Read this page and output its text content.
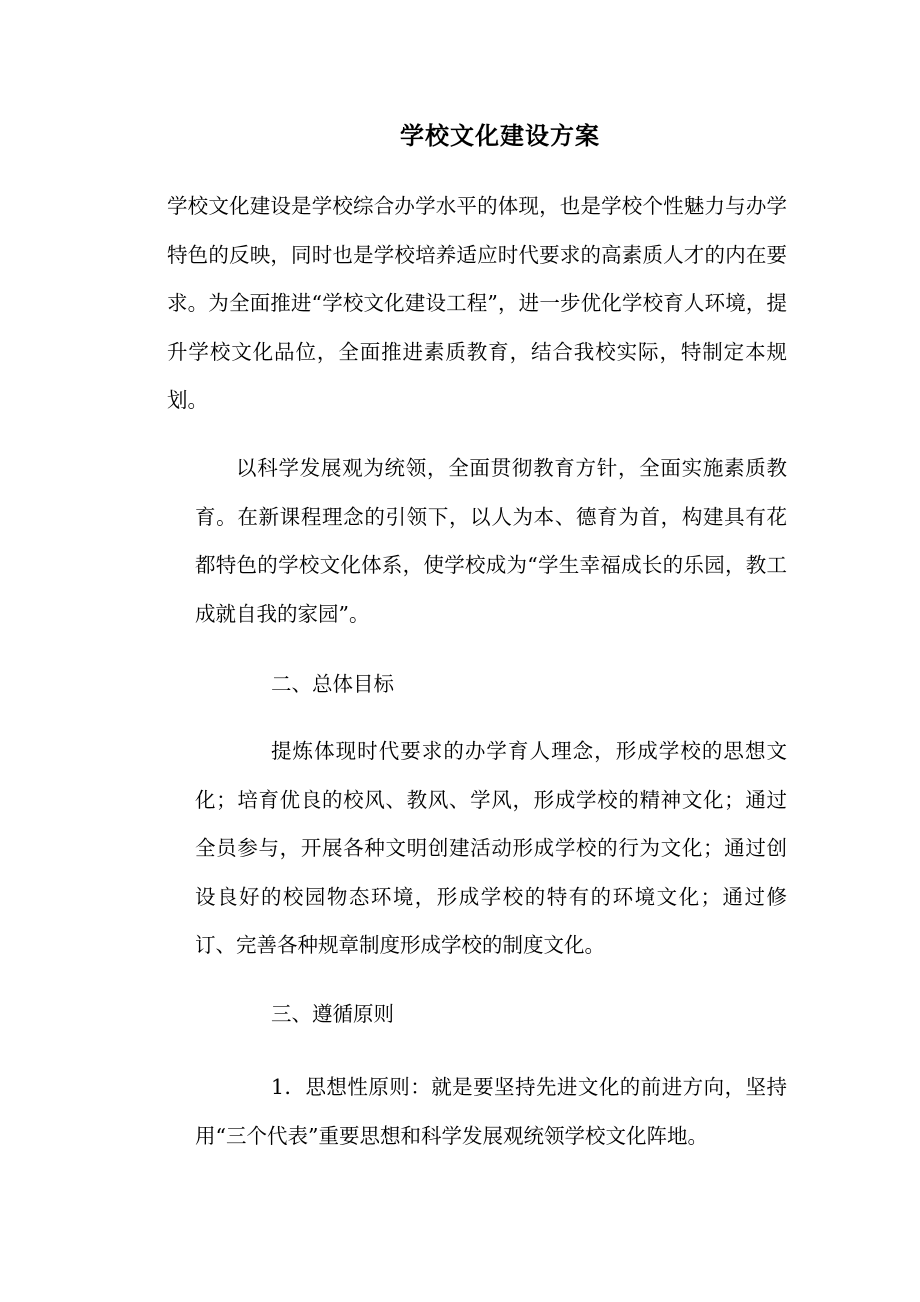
学校文化建设方案

学校文化建设是学校综合办学水平的体现，也是学校个性魅力与办学特色的反映，同时也是学校培养适应时代要求的高素质人才的内在要求。为全面推进“学校文化建设工程”，进一步优化学校育人环境，提升学校文化品位，全面推进素质教育，结合我校实际，特制定本规划。

以科学发展观为统领，全面贯彻教育方针，全面实施素质教育。在新课程理念的引领下，以人为本、德育为首，构建具有花都特色的学校文化体系，使学校成为“学生幸福成长的乐园，教工成就自我的家园”。

二、总体目标

提炼体现时代要求的办学育人理念，形成学校的思想文化；培育优良的校风、教风、学风，形成学校的精神文化；通过全员参与，开展各种文明创建活动形成学校的行为文化；通过创设良好的校园物态环境，形成学校的特有的环境文化；通过修订、完善各种规章制度形成学校的制度文化。

三、遵循原则

1．思想性原则：就是要坚持先进文化的前进方向，坚持用“三个代表”重要思想和科学发展观统领学校文化阵地。
